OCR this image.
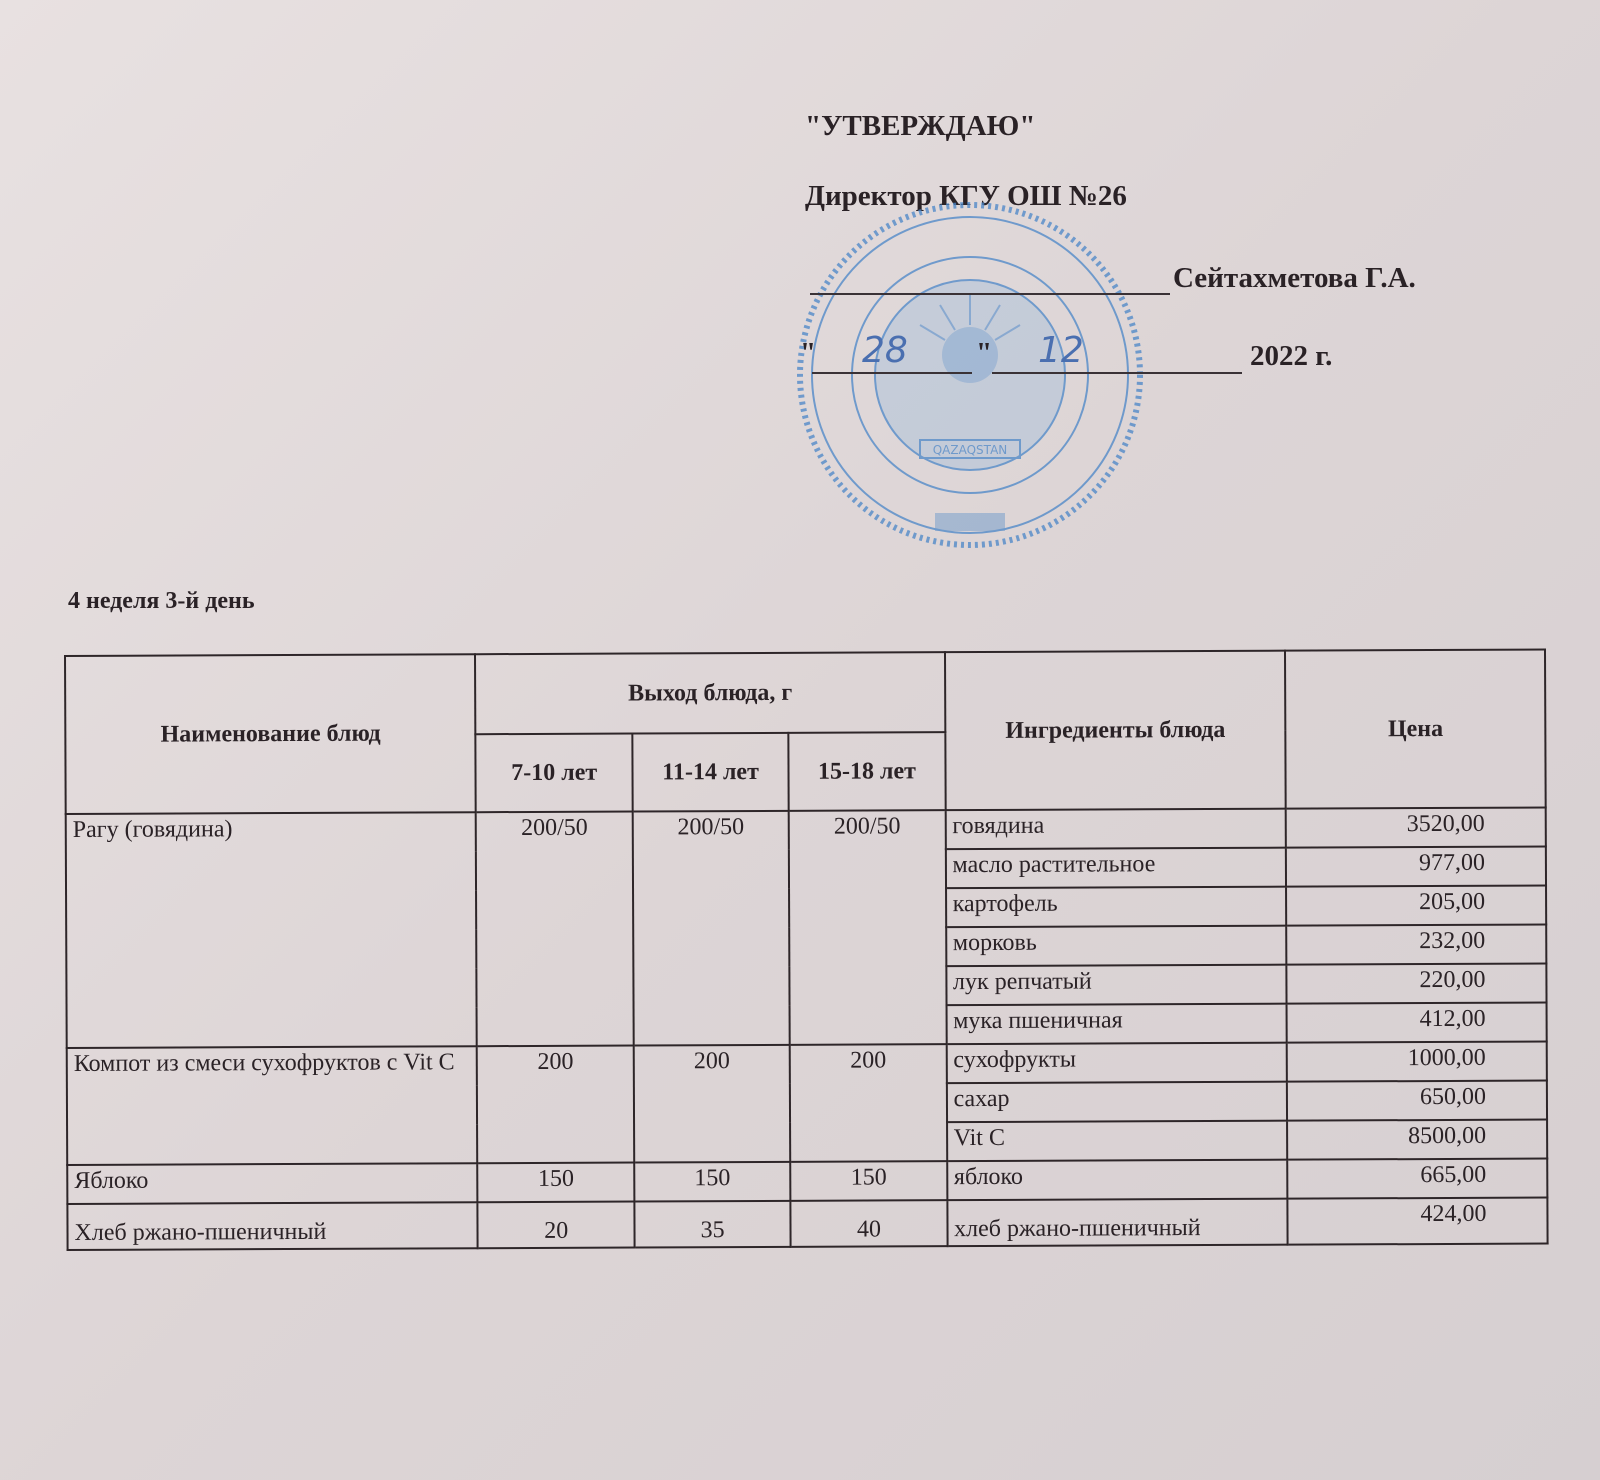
"УТВЕРЖДАЮ"
Директор КГУ ОШ №26
QAZAQSTAN
Сейтахметова Г.А.
" 28 " 12	2022 г.
4 неделя 3-й день
Наименование блюд	Выход блюда, г			Ингредиенты блюда	Цена
	7-10 лет	11-14 лет	15-18 лет		
Рагу (говядина)	200/50	200/50	200/50	говядина	3520,00
				масло растительное	977,00
				картофель	205,00
				морковь	232,00
				лук репчатый	220,00
				мука пшеничная	412,00
Компот из смеси сухофруктов с Vit C	200	200	200	сухофрукты	1000,00
				сахар	650,00
				Vit C	8500,00
Яблоко	150	150	150	яблоко	665,00
Хлеб ржано-пшеничный	20	35	40	хлеб ржано-пшеничный	424,00
